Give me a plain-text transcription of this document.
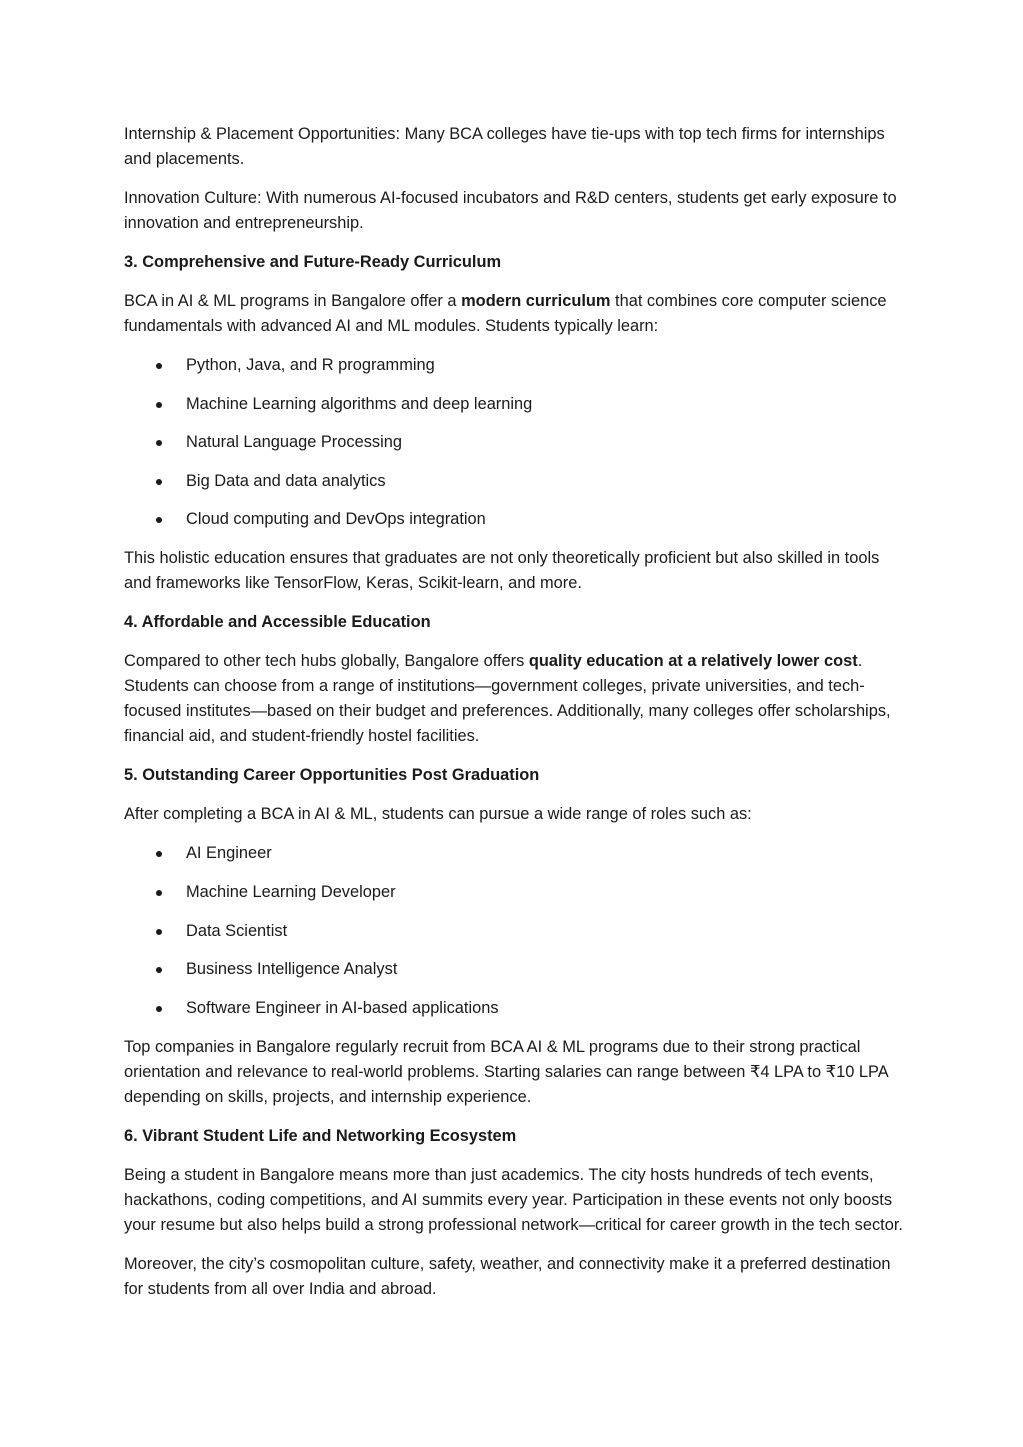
Internship & Placement Opportunities: Many BCA colleges have tie-ups with top tech firms for internships and placements.

Innovation Culture: With numerous AI-focused incubators and R&D centers, students get early exposure to innovation and entrepreneurship.

3. Comprehensive and Future-Ready Curriculum

BCA in AI & ML programs in Bangalore offer a modern curriculum that combines core computer science fundamentals with advanced AI and ML modules. Students typically learn:

Python, Java, and R programming
Machine Learning algorithms and deep learning
Natural Language Processing
Big Data and data analytics
Cloud computing and DevOps integration

This holistic education ensures that graduates are not only theoretically proficient but also skilled in tools and frameworks like TensorFlow, Keras, Scikit-learn, and more.

4. Affordable and Accessible Education

Compared to other tech hubs globally, Bangalore offers quality education at a relatively lower cost. Students can choose from a range of institutions—government colleges, private universities, and tech-focused institutes—based on their budget and preferences. Additionally, many colleges offer scholarships, financial aid, and student-friendly hostel facilities.

5. Outstanding Career Opportunities Post Graduation

After completing a BCA in AI & ML, students can pursue a wide range of roles such as:

AI Engineer
Machine Learning Developer
Data Scientist
Business Intelligence Analyst
Software Engineer in AI-based applications

Top companies in Bangalore regularly recruit from BCA AI & ML programs due to their strong practical orientation and relevance to real-world problems. Starting salaries can range between ₹4 LPA to ₹10 LPA depending on skills, projects, and internship experience.

6. Vibrant Student Life and Networking Ecosystem

Being a student in Bangalore means more than just academics. The city hosts hundreds of tech events, hackathons, coding competitions, and AI summits every year. Participation in these events not only boosts your resume but also helps build a strong professional network—critical for career growth in the tech sector.

Moreover, the city’s cosmopolitan culture, safety, weather, and connectivity make it a preferred destination for students from all over India and abroad.
